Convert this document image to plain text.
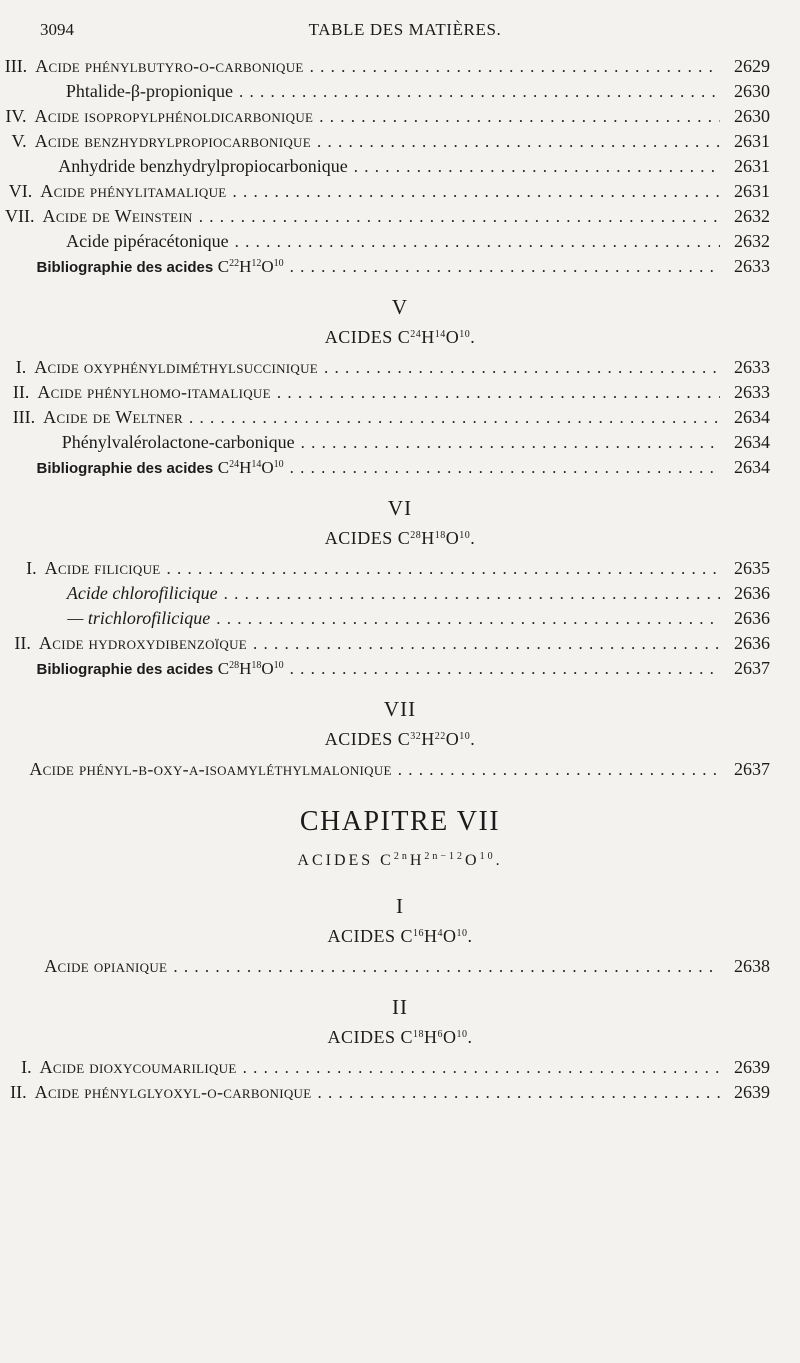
3094	TABLE DES MATIÈRES.
III. Acide phénylbutyro-o-carbonique . . .	2629
Phtalide-β-propionique . . .	2630
IV. Acide isopropylphénoldicarbonique . . .	2630
V. Acide benzhydrylpropiocarbonique . . .	2631
Anhydride benzhydrylpropiocarbonique . . .	2631
VI. Acide phénylitamalique . . .	2631
VII. Acide de Weinstein . . .	2632
Acide pipéracétonique . . .	2632
Bibliographie des acides $C^{22}H^{12}O^{10}$ . . .	2633
V
ACIDES $C^{24}H^{14}O^{10}$.
I. Acide oxyphényldiméthylsuccinique . . .	2633
II. Acide phénylhomo-itamalique . . .	2633
III. Acide de Weltner . . .	2634
Phénylvalérolactone-carbonique . . .	2634
Bibliographie des acides $C^{24}H^{14}O^{10}$ . . .	2634
VI
ACIDES $C^{28}H^{18}O^{10}$.
I. Acide filicique . . .	2635
Acide chlorofilicique . . .	2636
— trichlorofilicique . . .	2636
II. Acide hydroxydibenzoïque . . .	2636
Bibliographie des acides $C^{28}H^{18}O^{10}$ . . .	2637
VII
ACIDES $C^{32}H^{22}O^{10}$.
Acide phényl-β-oxy-α-isoamyléthylmalonique . . .	2637
CHAPITRE VII
ACIDES $C^{2n}H^{2n-12}O^{10}$.
I
ACIDES $C^{16}H^4O^{10}$.
Acide opianique . . .	2638
II
ACIDES $C^{18}H^6O^{10}$.
I. Acide dioxycoumarilique . . .	2639
II. Acide phénylglyoxyl-o-carbonique . . .	2639
